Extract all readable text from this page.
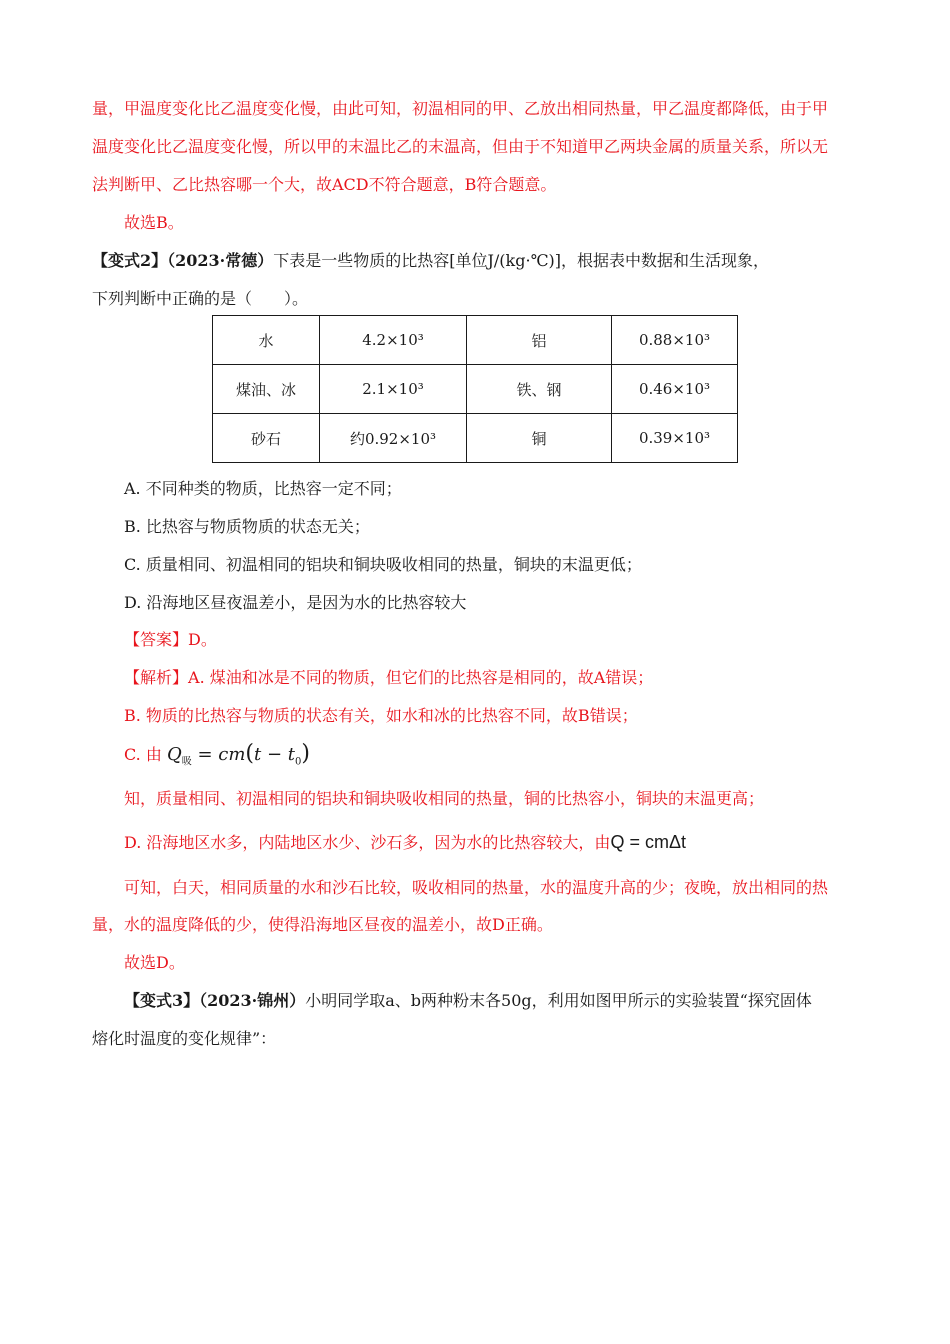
量，甲温度变化比乙温度变化慢，由此可知，初温相同的甲、乙放出相同热量，甲乙温度都降低，由于甲
温度变化比乙温度变化慢，所以甲的末温比乙的末温高，但由于不知道甲乙两块金属的质量关系，所以无
法判断甲、乙比热容哪一个大，故ACD不符合题意，B符合题意。
故选B。
【变式2】（2023·常德）下表是一些物质的比热容[单位J/(kg·℃)]，根据表中数据和生活现象，
下列判断中正确的是（　　）。
水	4.2×10³	铝	0.88×10³
煤油、冰	2.1×10³	铁、钢	0.46×10³
砂石	约0.92×10³	铜	0.39×10³
A. 不同种类的物质，比热容一定不同；
B. 比热容与物质物质的状态无关；
C. 质量相同、初温相同的铝块和铜块吸收相同的热量，铜块的末温更低；
D. 沿海地区昼夜温差小，是因为水的比热容较大
【答案】D。
【解析】A. 煤油和冰是不同的物质，但它们的比热容是相同的，故A错误；
B. 物质的比热容与物质的状态有关，如水和冰的比热容不同，故B错误；
C. 由 $Q_吸 = cm(t - t_0)$
知，质量相同、初温相同的铝块和铜块吸收相同的热量，铜的比热容小，铜块的末温更高；
D. 沿海地区水多，内陆地区水少、沙石多，因为水的比热容较大，由Q = cmΔt
可知，白天，相同质量的水和沙石比较，吸收相同的热量，水的温度升高的少；夜晚，放出相同的热
量，水的温度降低的少，使得沿海地区昼夜的温差小，故D正确。
故选D。
【变式3】（2023·锦州）小明同学取a、b两种粉末各50g，利用如图甲所示的实验装置“探究固体
熔化时温度的变化规律”：
